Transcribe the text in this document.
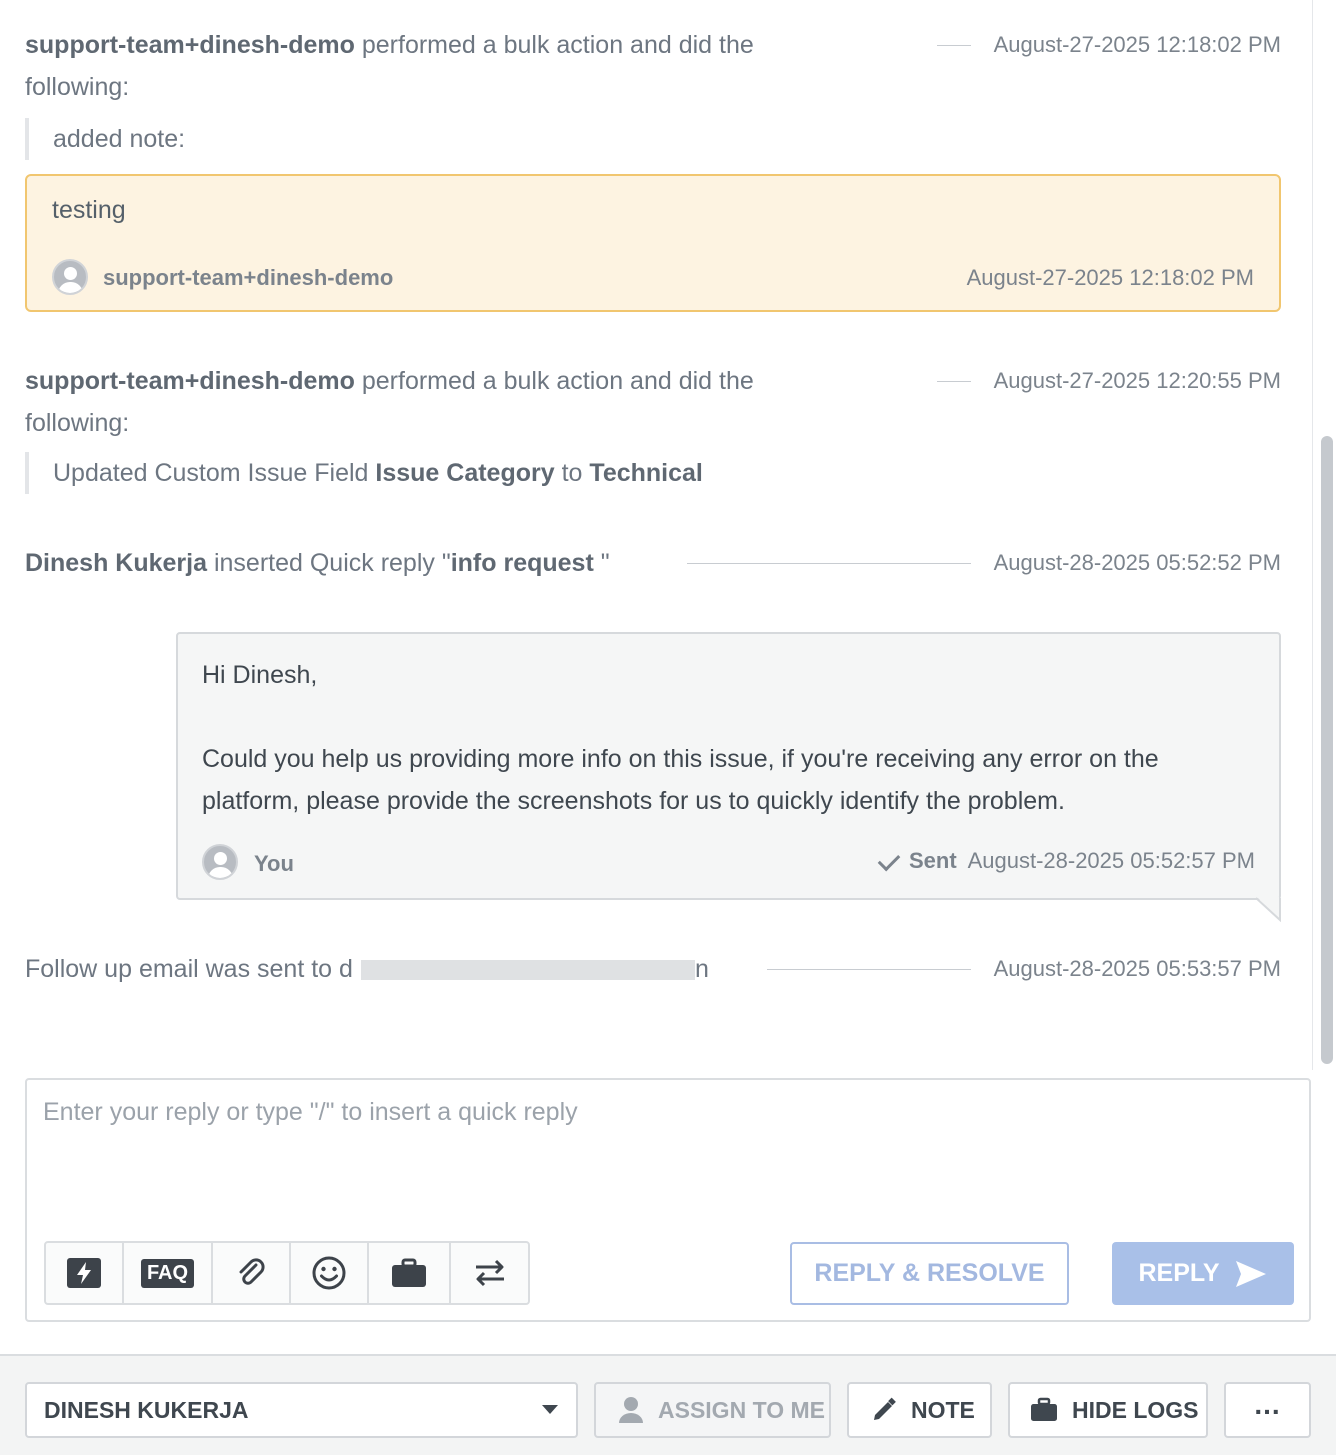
support-team+dinesh-demo performed a bulk action and did the following:
August-27-2025 12:18:02 PM
added note:
testing
support-team+dinesh-demo	August-27-2025 12:18:02 PM
support-team+dinesh-demo performed a bulk action and did the following:
August-27-2025 12:20:55 PM
Updated Custom Issue Field Issue Category to Technical
Dinesh Kukerja inserted Quick reply "info request "	August-28-2025 05:52:52 PM
Hi Dinesh,
Could you help us providing more info on this issue, if you're receiving any error on the platform, please provide the screenshots for us to quickly identify the problem.
You	Sent August-28-2025 05:52:57 PM
Follow up email was sent to d	n	August-28-2025 05:53:57 PM
Enter your reply or type "/" to insert a quick reply
FAQ	REPLY & RESOLVE	REPLY
DINESH KUKERJA	ASSIGN TO ME	NOTE	HIDE LOGS ...
